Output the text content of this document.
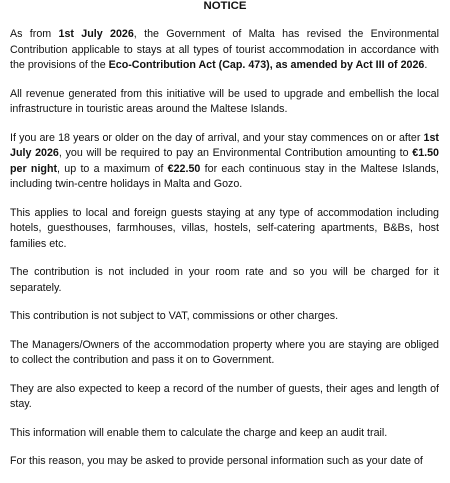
NOTICE

As from 1st July 2026, the Government of Malta has revised the Environmental Contribution applicable to stays at all types of tourist accommodation in accordance with the provisions of the Eco-Contribution Act (Cap. 473), as amended by Act III of 2026.

All revenue generated from this initiative will be used to upgrade and embellish the local infrastructure in touristic areas around the Maltese Islands.

If you are 18 years or older on the day of arrival, and your stay commences on or after 1st July 2026, you will be required to pay an Environmental Contribution amounting to €1.50 per night, up to a maximum of €22.50 for each continuous stay in the Maltese Islands, including twin-centre holidays in Malta and Gozo.

This applies to local and foreign guests staying at any type of accommodation including hotels, guesthouses, farmhouses, villas, hostels, self-catering apartments, B&Bs, host families etc.

The contribution is not included in your room rate and so you will be charged for it separately.

This contribution is not subject to VAT, commissions or other charges.

The Managers/Owners of the accommodation property where you are staying are obliged to collect the contribution and pass it on to Government.

They are also expected to keep a record of the number of guests, their ages and length of stay.

This information will enable them to calculate the charge and keep an audit trail.

For this reason, you may be asked to provide personal information such as your date of
